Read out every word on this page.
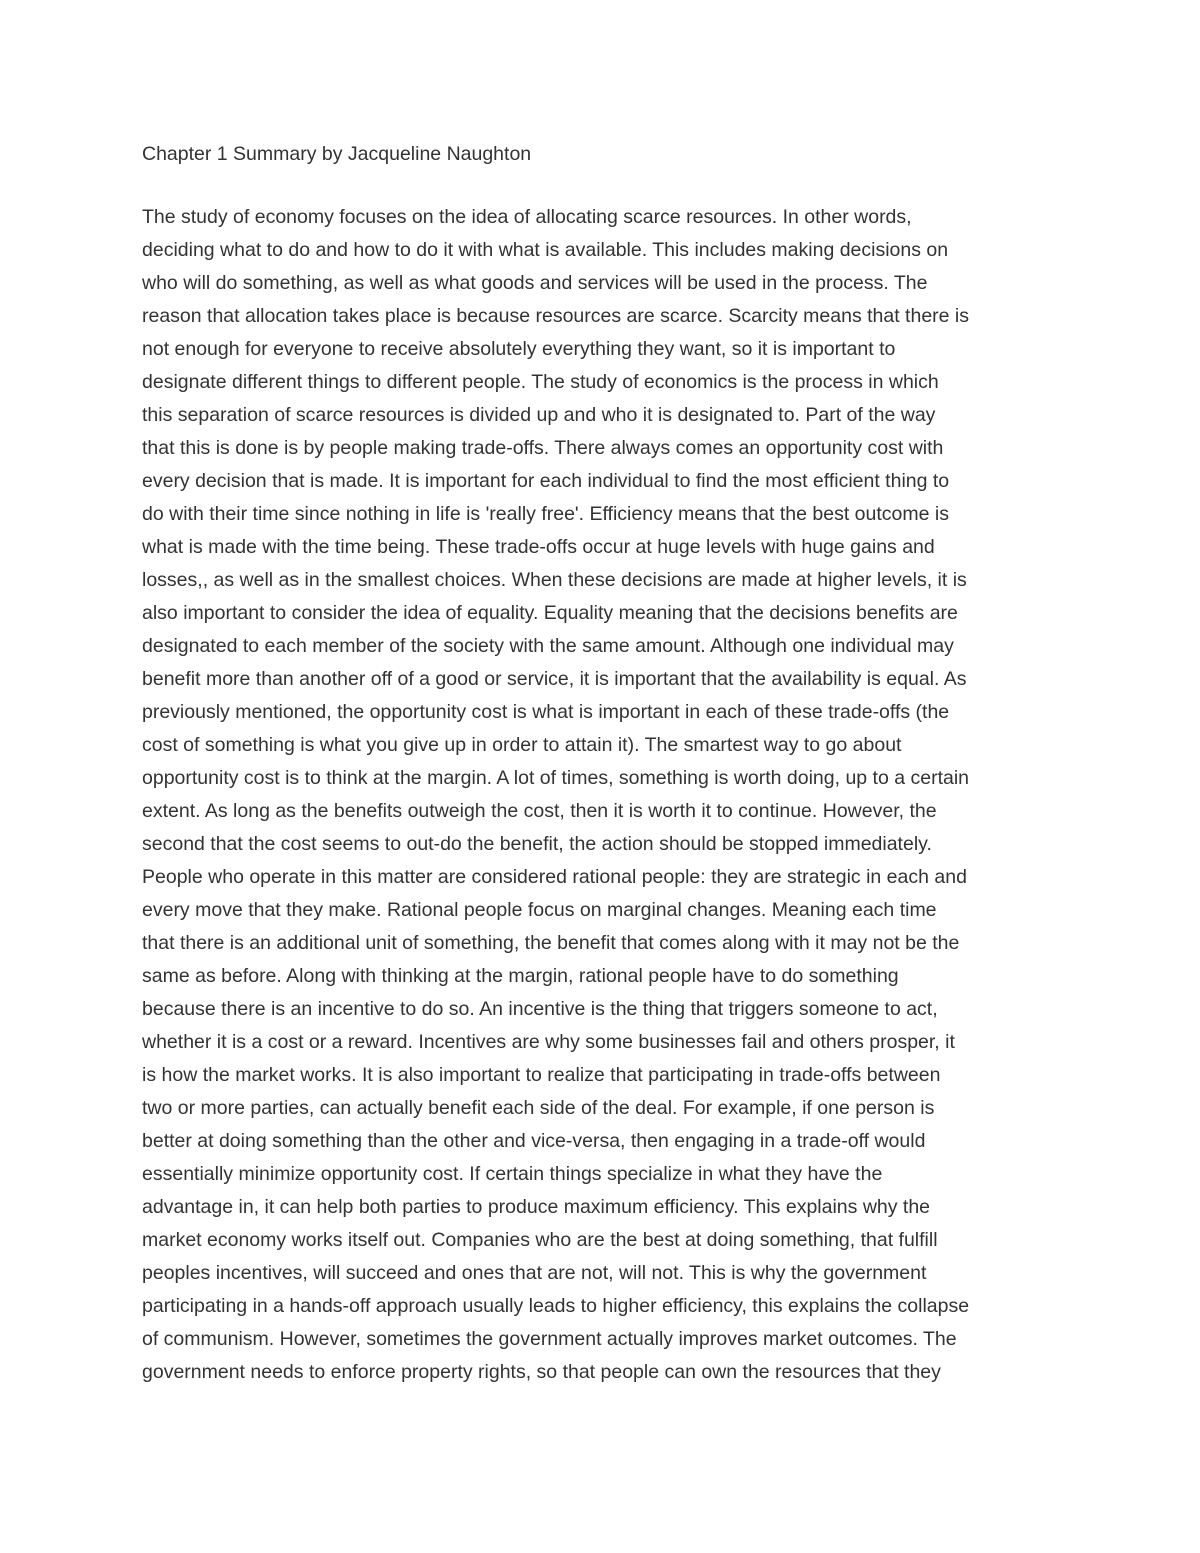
Chapter 1 Summary by Jacqueline Naughton
The study of economy focuses on the idea of allocating scarce resources. In other words,
deciding what to do and how to do it with what is available. This includes making decisions on
who will do something, as well as what goods and services will be used in the process. The
reason that allocation takes place is because resources are scarce. Scarcity means that there is
not enough for everyone to receive absolutely everything they want, so it is important to
designate different things to different people. The study of economics is the process in which
this separation of scarce resources is divided up and who it is designated to. Part of the way
that this is done is by people making trade-offs. There always comes an opportunity cost with
every decision that is made. It is important for each individual to find the most efficient thing to
do with their time since nothing in life is 'really free'. Efficiency means that the best outcome is
what is made with the time being. These trade-offs occur at huge levels with huge gains and
losses,, as well as in the smallest choices. When these decisions are made at higher levels, it is
also important to consider the idea of equality. Equality meaning that the decisions benefits are
designated to each member of the society with the same amount. Although one individual may
benefit more than another off of a good or service, it is important that the availability is equal. As
previously mentioned, the opportunity cost is what is important in each of these trade-offs (the
cost of something is what you give up in order to attain it). The smartest way to go about
opportunity cost is to think at the margin. A lot of times, something is worth doing, up to a certain
extent. As long as the benefits outweigh the cost, then it is worth it to continue. However, the
second that the cost seems to out-do the benefit, the action should be stopped immediately.
People who operate in this matter are considered rational people: they are strategic in each and
every move that they make. Rational people focus on marginal changes. Meaning each time
that there is an additional unit of something, the benefit that comes along with it may not be the
same as before. Along with thinking at the margin, rational people have to do something
because there is an incentive to do so. An incentive is the thing that triggers someone to act,
whether it is a cost or a reward. Incentives are why some businesses fail and others prosper, it
is how the market works. It is also important to realize that participating in trade-offs between
two or more parties, can actually benefit each side of the deal. For example, if one person is
better at doing something than the other and vice-versa, then engaging in a trade-off would
essentially minimize opportunity cost. If certain things specialize in what they have the
advantage in, it can help both parties to produce maximum efficiency. This explains why the
market economy works itself out. Companies who are the best at doing something, that fulfill
peoples incentives, will succeed and ones that are not, will not. This is why the government
participating in a hands-off approach usually leads to higher efficiency, this explains the collapse
of communism. However, sometimes the government actually improves market outcomes. The
government needs to enforce property rights, so that people can own the resources that they
